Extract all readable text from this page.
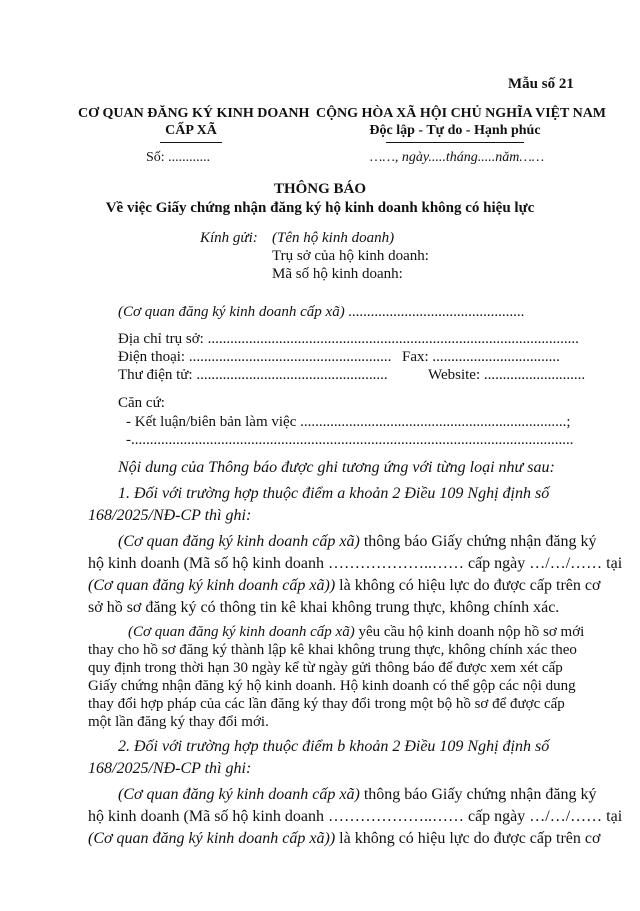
Mẫu số 21
CƠ QUAN ĐĂNG KÝ KINH DOANH
CẤP XÃ
CỘNG HÒA XÃ HỘI CHỦ NGHĨA VIỆT NAM
Độc lập - Tự do - Hạnh phúc
Số: ............	……, ngày.....tháng.....năm……
THÔNG BÁO
Về việc Giấy chứng nhận đăng ký hộ kinh doanh không có hiệu lực
Kính gửi: (Tên hộ kinh doanh)
Trụ sở của hộ kinh doanh:
Mã số hộ kinh doanh:
(Cơ quan đăng ký kinh doanh cấp xã) ...............................................
Địa chỉ trụ sở: ...................................................................................................
Điện thoại: ...................................................... Fax: ..................................
Thư điện tử: ...................................................	Website: ...........................
Căn cứ:
- Kết luận/biên bản làm việc .......................................................................;
-......................................................................................................................
Nội dung của Thông báo được ghi tương ứng với từng loại như sau:
1. Đối với trường hợp thuộc điểm a khoản 2 Điều 109 Nghị định số
168/2025/NĐ-CP thì ghi:
(Cơ quan đăng ký kinh doanh cấp xã) thông báo Giấy chứng nhận đăng ký
hộ kinh doanh (Mã số hộ kinh doanh ………………..…… cấp ngày …/…/…… tại
(Cơ quan đăng ký kinh doanh cấp xã)) là không có hiệu lực do được cấp trên cơ
sở hồ sơ đăng ký có thông tin kê khai không trung thực, không chính xác.
(Cơ quan đăng ký kinh doanh cấp xã) yêu cầu hộ kinh doanh nộp hồ sơ mới
thay cho hồ sơ đăng ký thành lập kê khai không trung thực, không chính xác theo
quy định trong thời hạn 30 ngày kể từ ngày gửi thông báo để được xem xét cấp
Giấy chứng nhận đăng ký hộ kinh doanh. Hộ kinh doanh có thể gộp các nội dung
thay đổi hợp pháp của các lần đăng ký thay đổi trong một bộ hồ sơ để được cấp
một lần đăng ký thay đổi mới.
2. Đối với trường hợp thuộc điểm b khoản 2 Điều 109 Nghị định số
168/2025/NĐ-CP thì ghi:
(Cơ quan đăng ký kinh doanh cấp xã) thông báo Giấy chứng nhận đăng ký
hộ kinh doanh (Mã số hộ kinh doanh ………………..…… cấp ngày …/…/…… tại
(Cơ quan đăng ký kinh doanh cấp xã)) là không có hiệu lực do được cấp trên cơ
